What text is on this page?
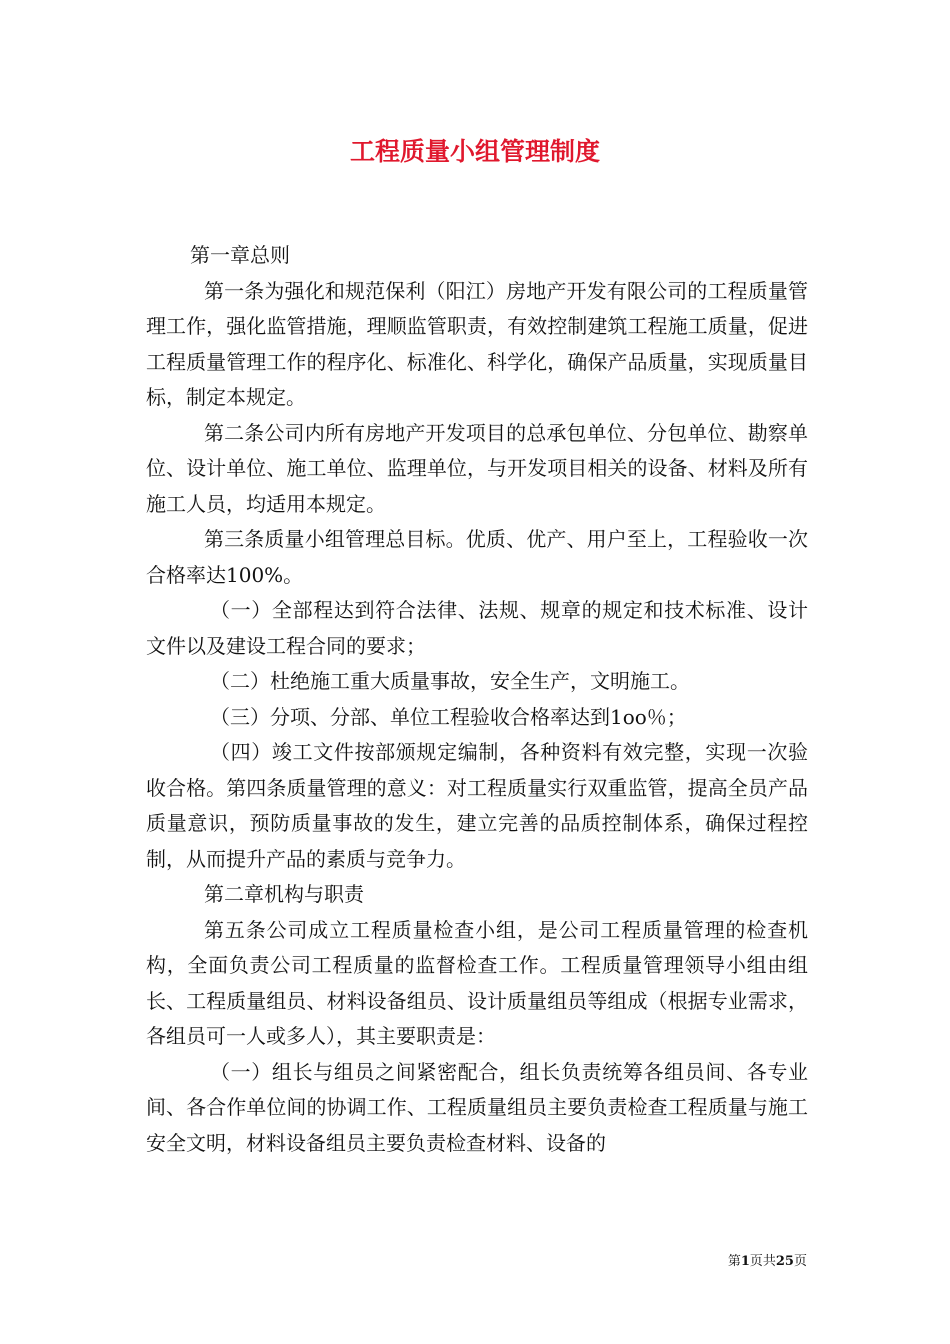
工程质量小组管理制度

第一章总则

第一条为强化和规范保利（阳江）房地产开发有限公司的工程质量管理工作，强化监管措施，理顺监管职责，有效控制建筑工程施工质量，促进工程质量管理工作的程序化、标准化、科学化，确保产品质量，实现质量目标，制定本规定。

第二条公司内所有房地产开发项目的总承包单位、分包单位、勘察单位、设计单位、施工单位、监理单位，与开发项目相关的设备、材料及所有施工人员，均适用本规定。

第三条质量小组管理总目标。优质、优产、用户至上，工程验收一次合格率达100%。

（一）全部程达到符合法律、法规、规章的规定和技术标准、设计文件以及建设工程合同的要求；

（二）杜绝施工重大质量事故，安全生产，文明施工。

（三）分项、分部、单位工程验收合格率达到1oo％；

（四）竣工文件按部颁规定编制，各种资料有效完整，实现一次验收合格。第四条质量管理的意义：对工程质量实行双重监管，提高全员产品质量意识，预防质量事故的发生，建立完善的品质控制体系，确保过程控制，从而提升产品的素质与竞争力。

第二章机构与职责

第五条公司成立工程质量检查小组，是公司工程质量管理的检查机构，全面负责公司工程质量的监督检查工作。工程质量管理领导小组由组长、工程质量组员、材料设备组员、设计质量组员等组成（根据专业需求，各组员可一人或多人），其主要职责是：

（一）组长与组员之间紧密配合，组长负责统筹各组员间、各专业间、各合作单位间的协调工作、工程质量组员主要负责检查工程质量与施工安全文明，材料设备组员主要负责检查材料、设备的

第1页共25页
